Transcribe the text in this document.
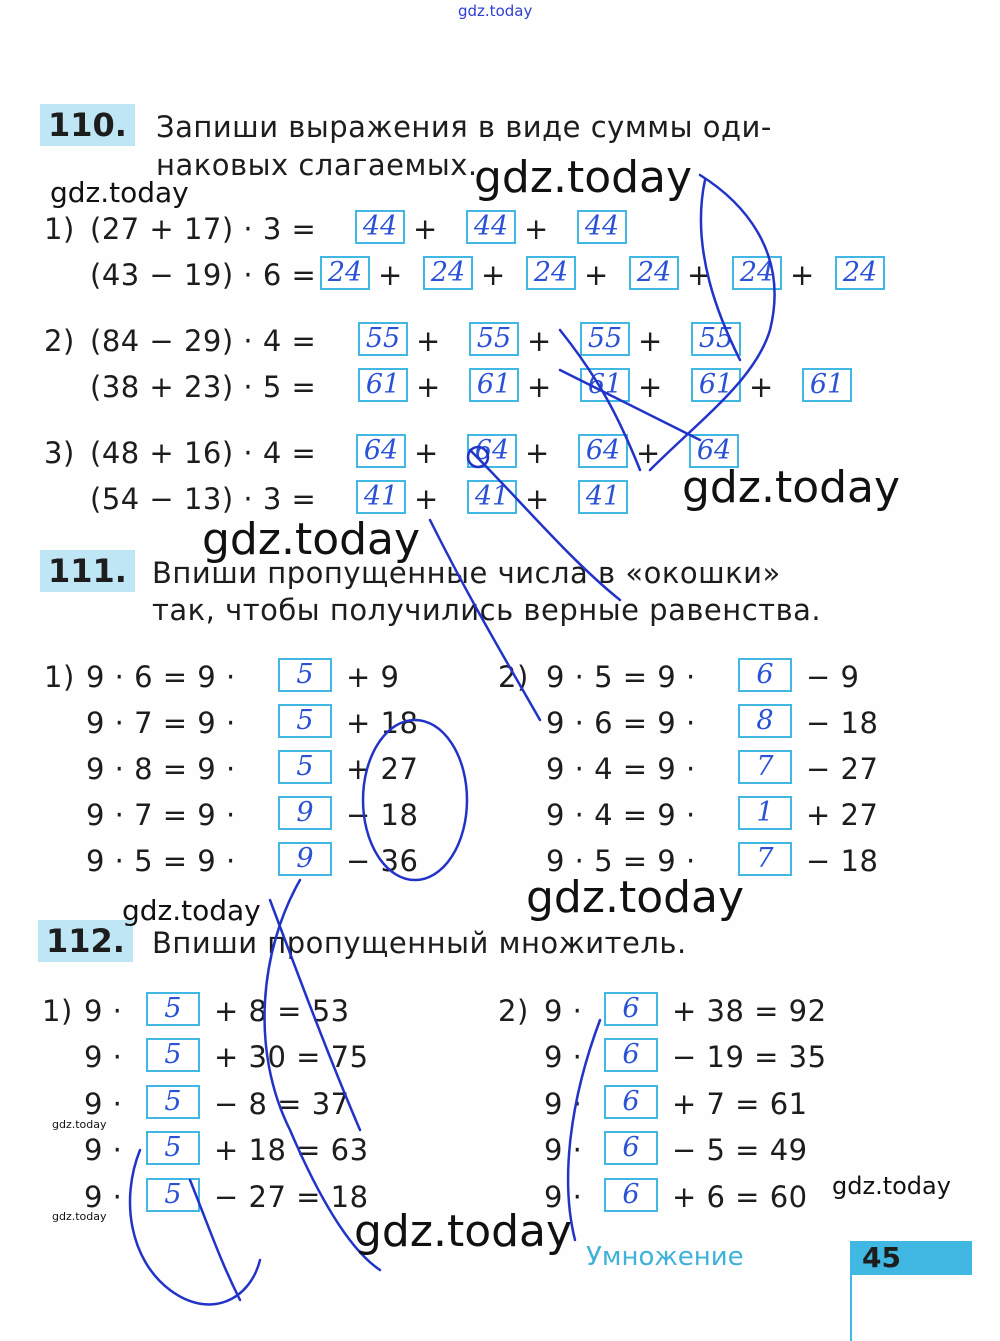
gdz.today
110. Запиши выражения в виде суммы оди-
наковых слагаемых.
1) (27 + 17) · 3 = 44 + 44 + 44
(43 − 19) · 6 = 24 + 24 + 24 + 24 + 24 + 24
2) (84 − 29) · 4 = 55 + 55 + 55 + 55
(38 + 23) · 5 = 61 + 61 + 61 + 61 + 61
3) (48 + 16) · 4 = 64 + 64 + 64 + 64
(54 − 13) · 3 = 41 + 41 + 41
111. Впиши пропущенные числа в «окошки»
так, чтобы получились верные равенства.
1)	2)
9 · 6 = 9 ·	5	+ 9
9 · 7 = 9 ·	5	+ 18
9 · 8 = 9 ·	5	+ 27
9 · 7 = 9 ·	9	− 18
9 · 5 = 9 ·	9	− 36
9 · 5 = 9 ·	6	− 9
9 · 6 = 9 ·	8	− 18
9 · 4 = 9 ·	7	− 27
9 · 4 = 9 ·	1	+ 27
9 · 5 = 9 ·	7	− 18
112. Впиши пропущенный множитель.
1)	2)
9 ·	5	+ 8 = 53
9 ·	5	+ 30 = 75
9 ·	5	− 8 = 37
9 ·	5	+ 18 = 63
9 ·	5	− 27 = 18
9 ·	6	+ 38 = 92
9 ·	6	− 19 = 35
9 ·	6	+ 7 = 61
9 ·	6	− 5 = 49
9 ·	6	+ 6 = 60
Умножение	45
gdz.today	gdz.today
gdz.today
gdz.today
gdz.today
gdz.today
gdz.today
gdz.today	gdz.today
gdz.today
